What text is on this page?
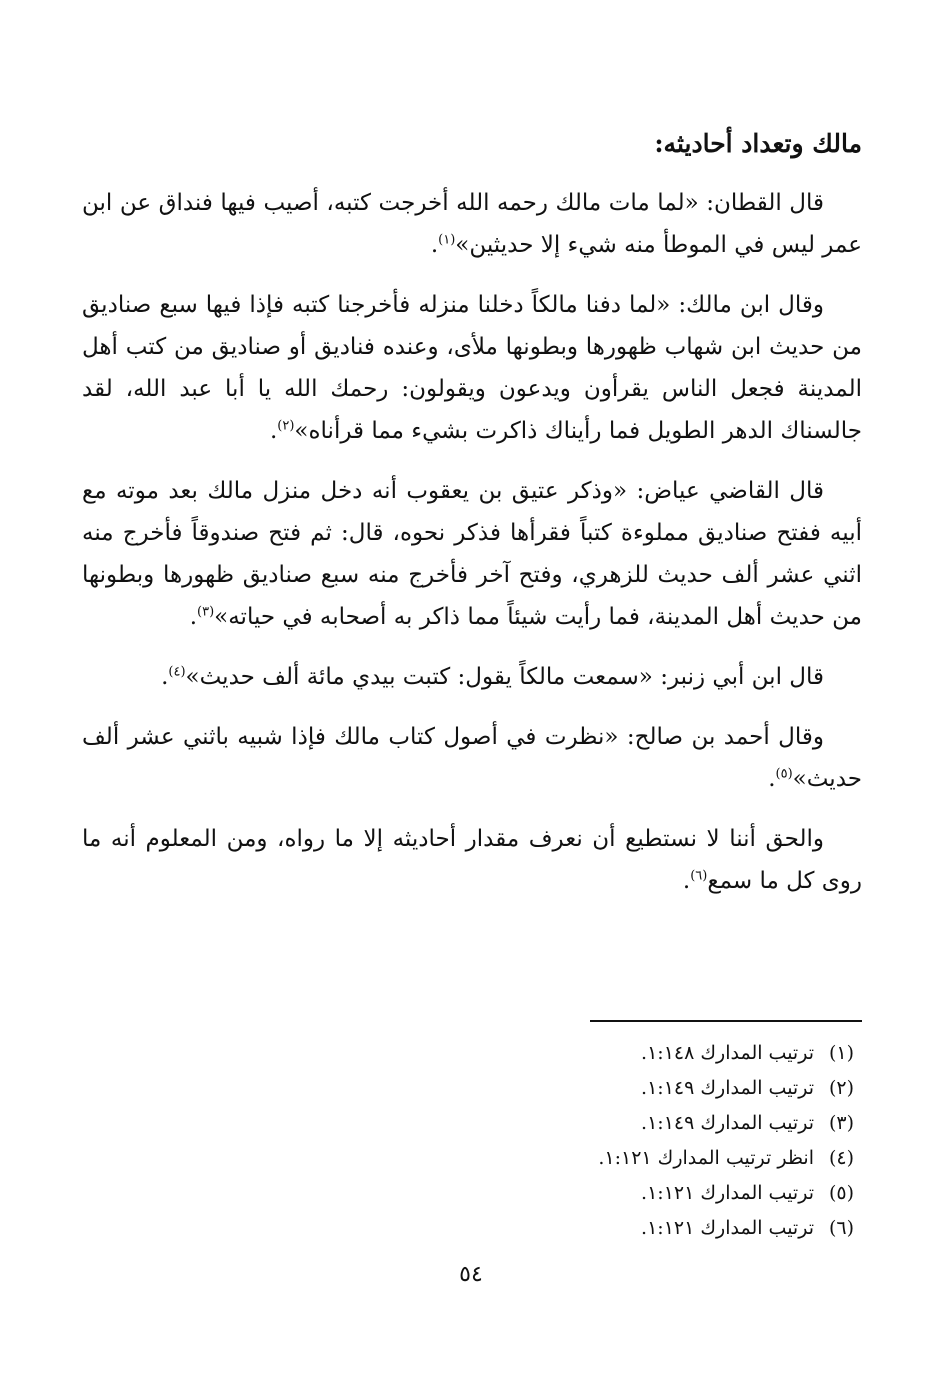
مالك وتعداد أحاديثه:

قال القطان: «لما مات مالك رحمه الله أخرجت كتبه، أصيب فيها فنداق عن ابن عمر ليس في الموطأ منه شيء إلا حديثين»$^{(١)}$.

وقال ابن مالك: «لما دفنا مالكاً دخلنا منزله فأخرجنا كتبه فإذا فيها سبع صناديق من حديث ابن شهاب ظهورها وبطونها ملأى، وعنده فناديق أو صناديق من كتب أهل المدينة فجعل الناس يقرأون ويدعون ويقولون: رحمك الله يا أبا عبد الله، لقد جالسناك الدهر الطويل فما رأيناك ذاكرت بشيء مما قرأناه»$^{(٢)}$.

قال القاضي عياض: «وذكر عتيق بن يعقوب أنه دخل منزل مالك بعد موته مع أبيه ففتح صناديق مملوءة كتباً فقرأها فذكر نحوه، قال: ثم فتح صندوقاً فأخرج منه اثني عشر ألف حديث للزهري، وفتح آخر فأخرج منه سبع صناديق ظهورها وبطونها من حديث أهل المدينة، فما رأيت شيئاً مما ذاكر به أصحابه في حياته»$^{(٣)}$.

قال ابن أبي زنبر: «سمعت مالكاً يقول: كتبت بيدي مائة ألف حديث»$^{(٤)}$.

وقال أحمد بن صالح: «نظرت في أصول كتاب مالك فإذا شبيه باثني عشر ألف حديث»$^{(٥)}$.

والحق أننا لا نستطيع أن نعرف مقدار أحاديثه إلا ما رواه، ومن المعلوم أنه ما روى كل ما سمع$^{(٦)}$.

(١)ترتيب المدارك ١:١٤٨.
(٢)ترتيب المدارك ١:١٤٩.
(٣)ترتيب المدارك ١:١٤٩.
(٤)انظر ترتيب المدارك ١:١٢١.
(٥)ترتيب المدارك ١:١٢١.
(٦)ترتيب المدارك ١:١٢١.
٥٤
